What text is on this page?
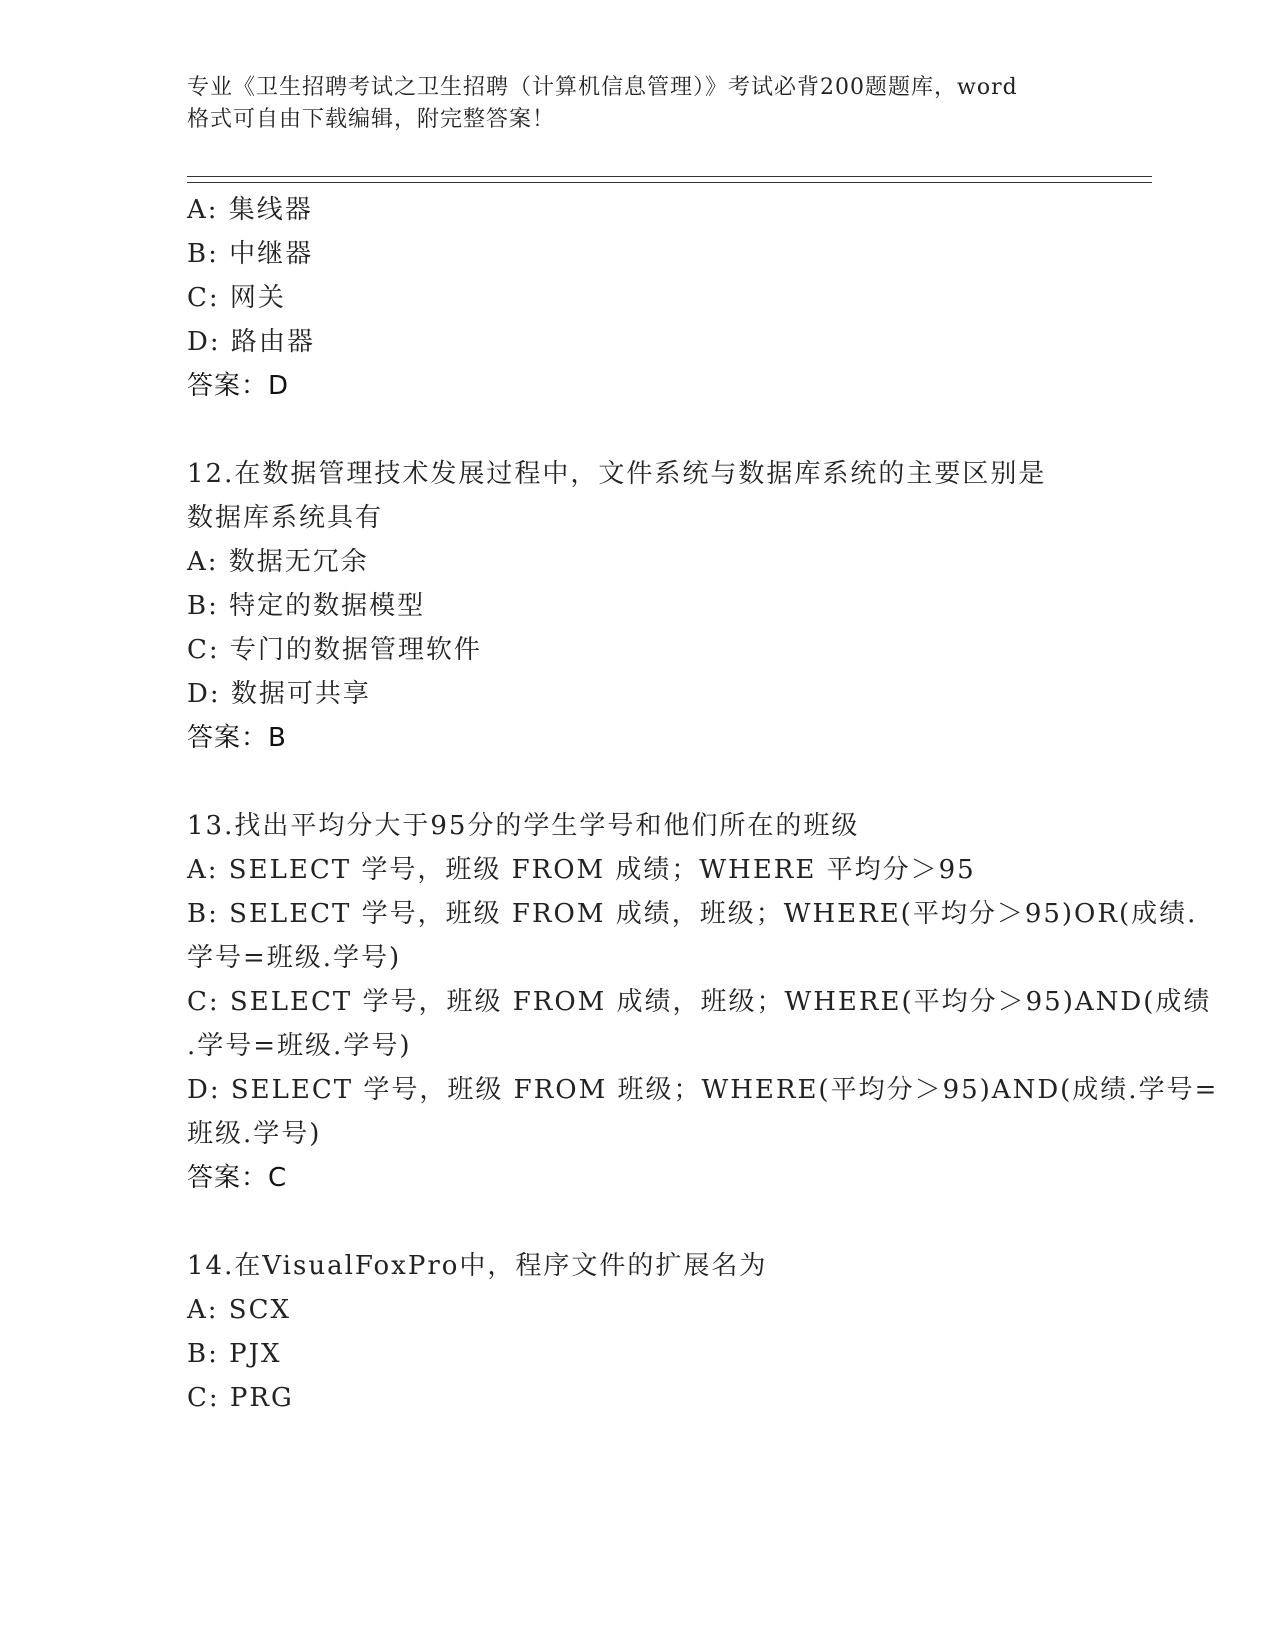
专业《卫生招聘考试之卫生招聘（计算机信息管理）》考试必背200题题库，word
格式可自由下载编辑，附完整答案！
A: 集线器
B: 中继器
C: 网关
D: 路由器
答案：D
12.在数据管理技术发展过程中，文件系统与数据库系统的主要区别是
数据库系统具有
A: 数据无冗余
B: 特定的数据模型
C: 专门的数据管理软件
D: 数据可共享
答案：B
13.找出平均分大于95分的学生学号和他们所在的班级
A: SELECT 学号，班级 FROM 成绩；WHERE 平均分＞95
B: SELECT 学号，班级 FROM 成绩，班级；WHERE(平均分＞95)OR(成绩.
学号=班级.学号)
C: SELECT 学号，班级 FROM 成绩，班级；WHERE(平均分＞95)AND(成绩
.学号=班级.学号)
D: SELECT 学号，班级 FROM 班级；WHERE(平均分＞95)AND(成绩.学号=
班级.学号)
答案：C
14.在VisualFoxPro中，程序文件的扩展名为
A: SCX
B: PJX
C: PRG
